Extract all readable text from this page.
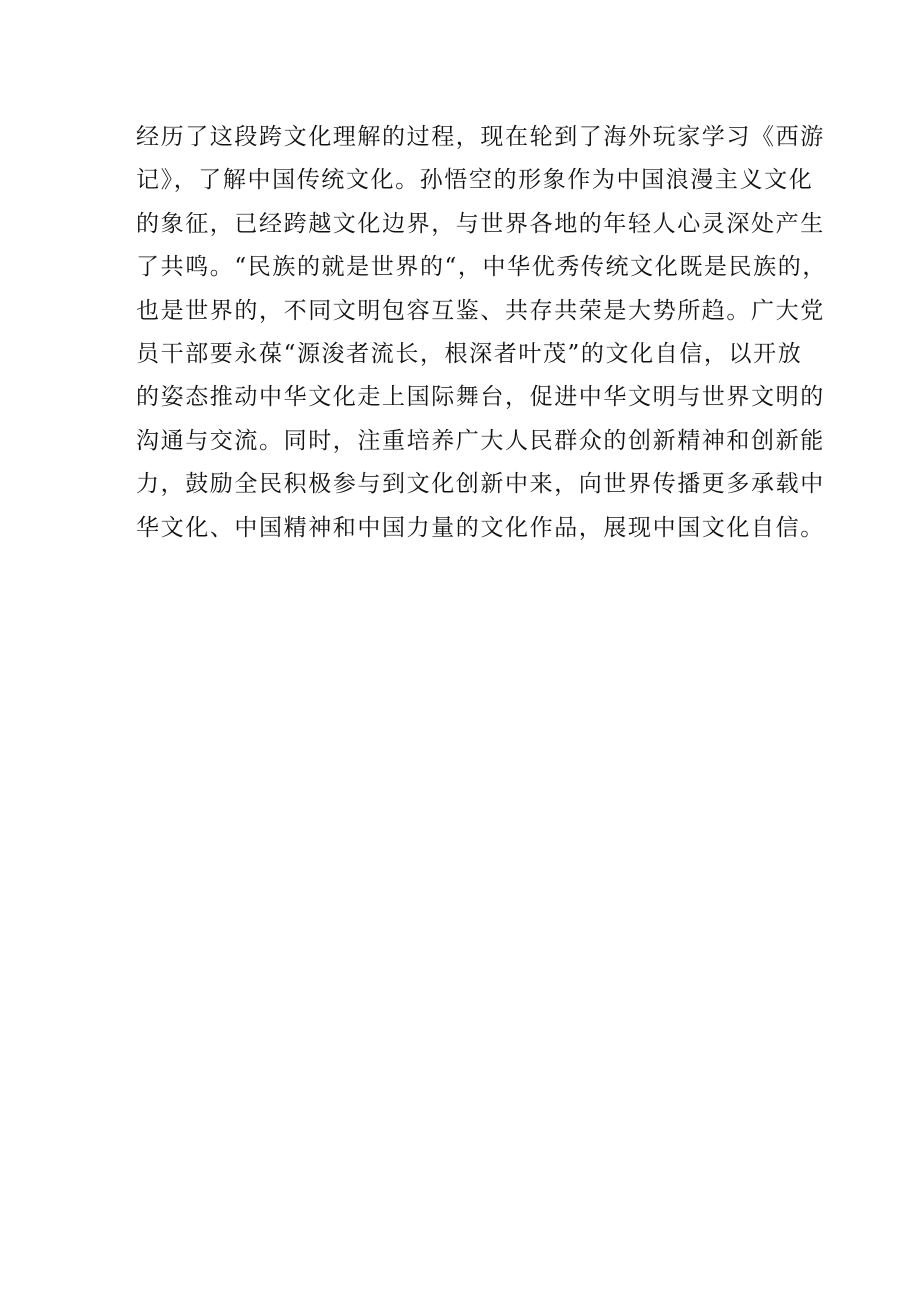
经历了这段跨文化理解的过程，现在轮到了海外玩家学习《西游
记》，了解中国传统文化。孙悟空的形象作为中国浪漫主义文化
的象征，已经跨越文化边界，与世界各地的年轻人心灵深处产生
了共鸣。“民族的就是世界的“，中华优秀传统文化既是民族的，
也是世界的，不同文明包容互鉴、共存共荣是大势所趋。广大党
员干部要永葆“源浚者流长，根深者叶茂”的文化自信，以开放
的姿态推动中华文化走上国际舞台，促进中华文明与世界文明的
沟通与交流。同时，注重培养广大人民群众的创新精神和创新能
力，鼓励全民积极参与到文化创新中来，向世界传播更多承载中
华文化、中国精神和中国力量的文化作品，展现中国文化自信。
